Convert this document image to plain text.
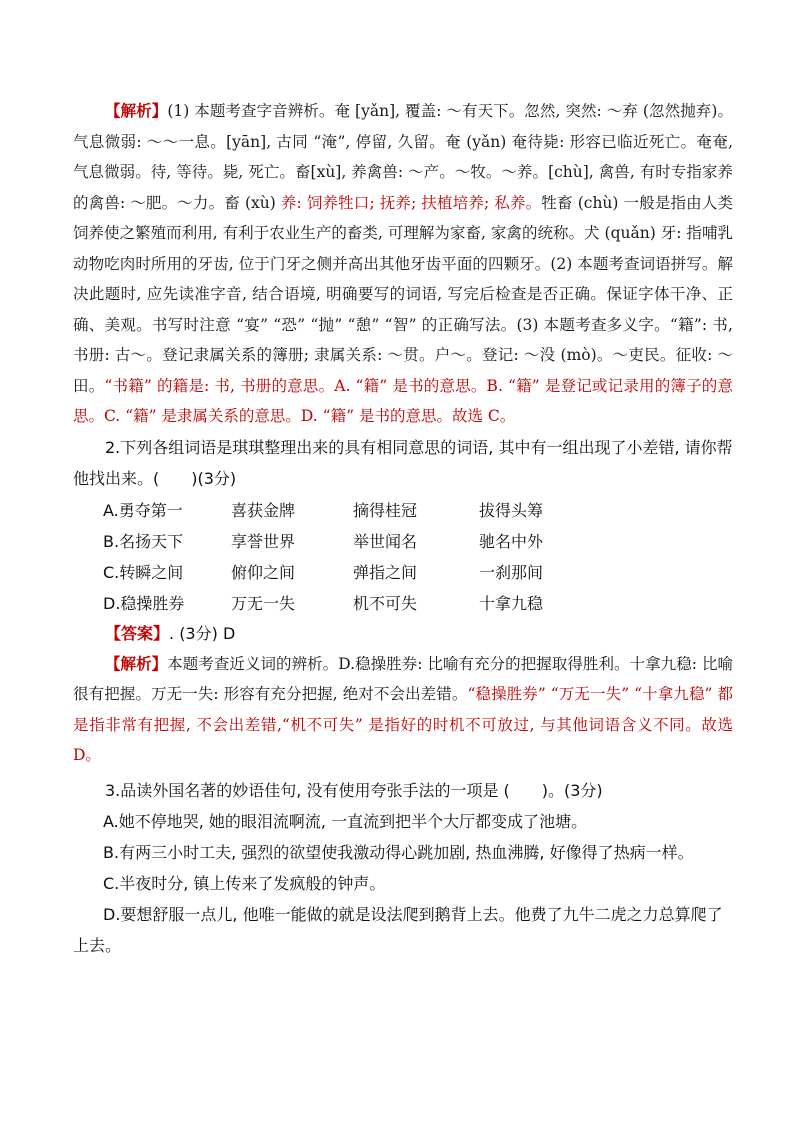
【解析】(1) 本题考查字音辨析。奄 [yǎn], 覆盖: ～有天下。忽然, 突然: ～弃 (忽然抛弃)。气息微弱: ～～一息。[yān], 古同 “淹”, 停留, 久留。奄 (yǎn) 奄待毙: 形容已临近死亡。奄奄, 气息微弱。待, 等待。毙, 死亡。畜[xù], 养禽兽: ～产。～牧。～养。[chù], 禽兽, 有时专指家养的禽兽: ～肥。～力。畜 (xù) 养: 饲养牲口; 抚养; 扶植培养; 私养。牲畜 (chù) 一般是指由人类饲养使之繁殖而利用, 有利于农业生产的畜类, 可理解为家畜, 家禽的统称。犬 (quǎn) 牙: 指哺乳动物吃肉时所用的牙齿, 位于门牙之侧并高出其他牙齿平面的四颗牙。(2) 本题考查词语拼写。解决此题时, 应先读准字音, 结合语境, 明确要写的词语, 写完后检查是否正确。保证字体干净、正确、美观。书写时注意 “宴” “恐” “抛” “憩” “智” 的正确写法。(3) 本题考查多义字。“籍”: 书, 书册: 古～。登记隶属关系的簿册; 隶属关系: ～贯。户～。登记: ～没 (mò)。～吏民。征收: ～田。“书籍” 的籍是: 书, 书册的意思。A. “籍” 是书的意思。B. “籍” 是登记或记录用的簿子的意思。C. “籍” 是隶属关系的意思。D. “籍” 是书的意思。故选 C。

2.下列各组词语是琪琪整理出来的具有相同意思的词语, 其中有一组出现了小差错, 请你帮他找出来。(　　)(3分)

A.勇夺第一	喜获金牌	摘得桂冠	拔得头筹
B.名扬天下	享誉世界	举世闻名	驰名中外
C.转瞬之间	俯仰之间	弹指之间	一刹那间
D.稳操胜券	万无一失	机不可失	十拿九稳

【答案】. (3分) D

【解析】本题考查近义词的辨析。D.稳操胜券: 比喻有充分的把握取得胜利。十拿九稳: 比喻很有把握。万无一失: 形容有充分把握, 绝对不会出差错。“稳操胜券” “万无一失” “十拿九稳” 都是指非常有把握, 不会出差错,“机不可失” 是指好的时机不可放过, 与其他词语含义不同。故选 D。

3.品读外国名著的妙语佳句, 没有使用夸张手法的一项是 (　　)。(3分)

A.她不停地哭, 她的眼泪流啊流, 一直流到把半个大厅都变成了池塘。

B.有两三小时工夫, 强烈的欲望使我激动得心跳加剧, 热血沸腾, 好像得了热病一样。

C.半夜时分, 镇上传来了发疯般的钟声。

D.要想舒服一点儿, 他唯一能做的就是设法爬到鹅背上去。他费了九牛二虎之力总算爬了

上去。
